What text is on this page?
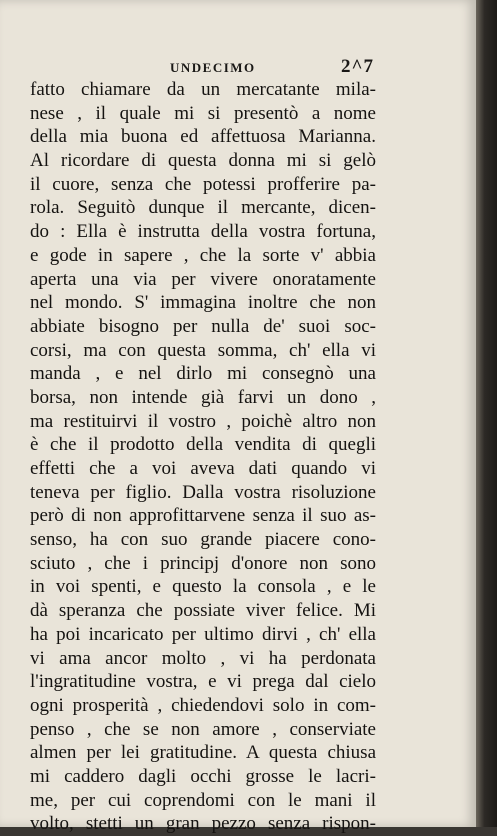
UNDECIMO	2^7
fatto chiamare da un mercatante mila-
nese , il quale mi si presentò a nome
della mia buona ed affettuosa Marianna.
Al ricordare di questa donna mi si gelò
il cuore, senza che potessi profferire pa-
rola. Seguitò dunque il mercante, dicen-
do : Ella è instrutta della vostra fortuna,
e gode in sapere , che la sorte v' abbia
aperta una via per vivere onoratamente
nel mondo. S' immagina inoltre che non
abbiate bisogno per nulla de' suoi soc-
corsi, ma con questa somma, ch' ella vi
manda , e nel dirlo mi consegnò una
borsa, non intende già farvi un dono ,
ma restituirvi il vostro , poichè altro non
è che il prodotto della vendita di quegli
effetti che a voi aveva dati quando vi
teneva per figlio. Dalla vostra risoluzione
però di non approfittarvene senza il suo as-
senso, ha con suo grande piacere cono-
sciuto , che i principj d'onore non sono
in voi spenti, e questo la consola , e le
dà speranza che possiate viver felice. Mi
ha poi incaricato per ultimo dirvi , ch' ella
vi ama ancor molto , vi ha perdonata
l'ingratitudine vostra, e vi prega dal cielo
ogni prosperità , chiedendovi solo in com-
penso , che se non amore , conserviate
almen per lei gratitudine. A questa chiusa
mi caddero dagli occhi grosse le lacri-
me, per cui coprendomi con le mani il
volto, stetti un gran pezzo senza rispon-
